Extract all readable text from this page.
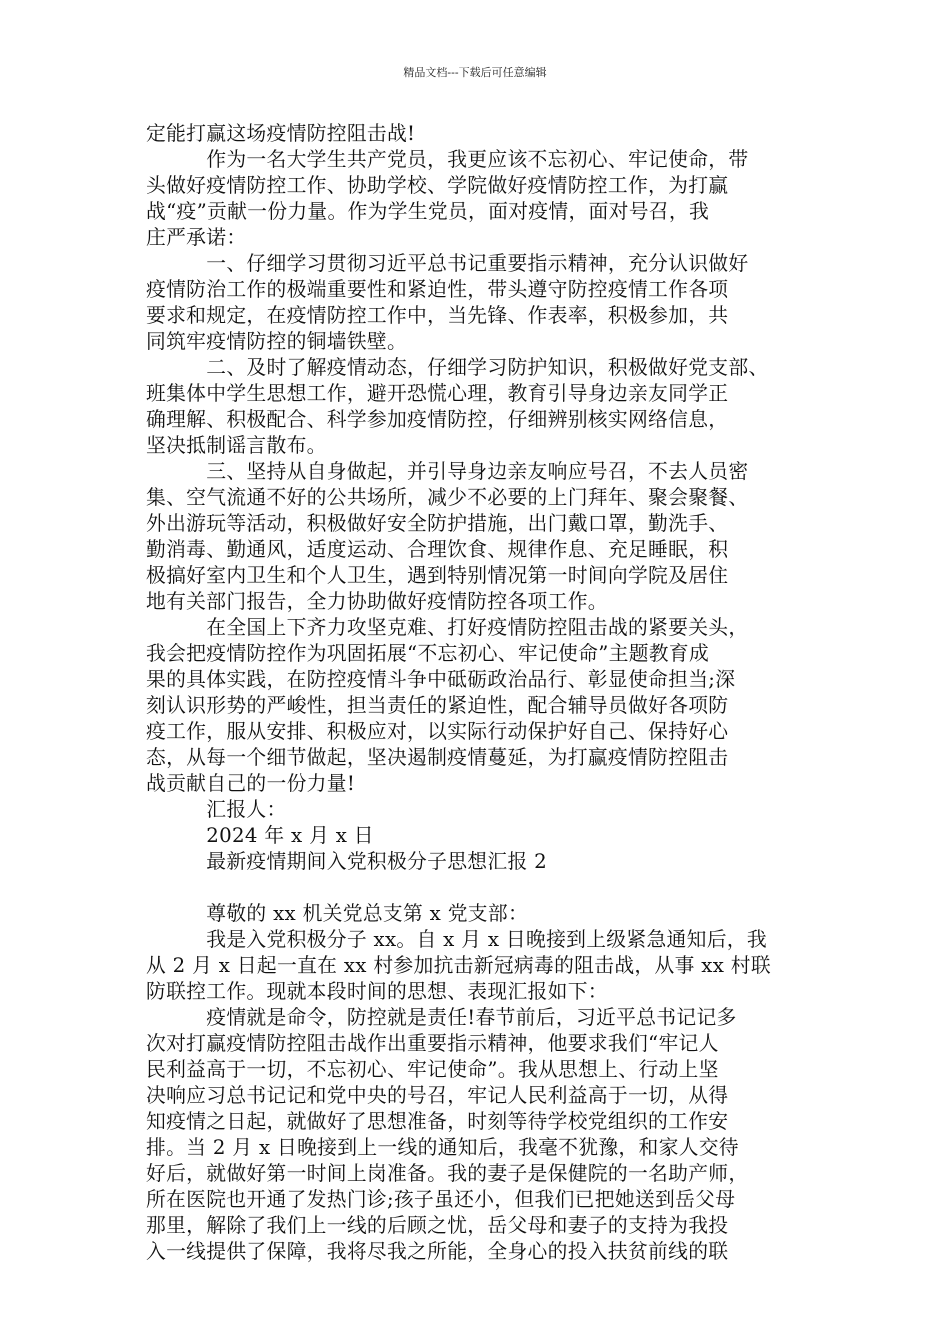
精品文档---下载后可任意编辑
定能打赢这场疫情防控阻击战!
　　　作为一名大学生共产党员，我更应该不忘初心、牢记使命，带
头做好疫情防控工作、协助学校、学院做好疫情防控工作，为打赢
战“疫”贡献一份力量。作为学生党员，面对疫情，面对号召，我
庄严承诺：
　　　一、仔细学习贯彻习近平总书记重要指示精神，充分认识做好
疫情防治工作的极端重要性和紧迫性，带头遵守防控疫情工作各项
要求和规定，在疫情防控工作中，当先锋、作表率，积极参加，共
同筑牢疫情防控的铜墙铁壁。
　　　二、及时了解疫情动态，仔细学习防护知识，积极做好党支部、
班集体中学生思想工作，避开恐慌心理，教育引导身边亲友同学正
确理解、积极配合、科学参加疫情防控，仔细辨别核实网络信息，
坚决抵制谣言散布。
　　　三、坚持从自身做起，并引导身边亲友响应号召，不去人员密
集、空气流通不好的公共场所，减少不必要的上门拜年、聚会聚餐、
外出游玩等活动，积极做好安全防护措施，出门戴口罩，勤洗手、
勤消毒、勤通风，适度运动、合理饮食、规律作息、充足睡眠，积
极搞好室内卫生和个人卫生，遇到特别情况第一时间向学院及居住
地有关部门报告，全力协助做好疫情防控各项工作。
　　　在全国上下齐力攻坚克难、打好疫情防控阻击战的紧要关头，
我会把疫情防控作为巩固拓展“不忘初心、牢记使命”主题教育成
果的具体实践，在防控疫情斗争中砥砺政治品行、彰显使命担当;深
刻认识形势的严峻性，担当责任的紧迫性，配合辅导员做好各项防
疫工作，服从安排、积极应对，以实际行动保护好自己、保持好心
态，从每一个细节做起，坚决遏制疫情蔓延，为打赢疫情防控阻击
战贡献自己的一份力量!
　　　汇报人：
　　　2024 年 x 月 x 日
　　　最新疫情期间入党积极分子思想汇报 2
　　　尊敬的 xx 机关党总支第 x 党支部：
　　　我是入党积极分子 xx。自 x 月 x 日晚接到上级紧急通知后，我
从 2 月 x 日起一直在 xx 村参加抗击新冠病毒的阻击战，从事 xx 村联
防联控工作。现就本段时间的思想、表现汇报如下：
　　　疫情就是命令，防控就是责任!春节前后，习近平总书记记多
次对打赢疫情防控阻击战作出重要指示精神，他要求我们“牢记人
民利益高于一切，不忘初心、牢记使命”。我从思想上、行动上坚
决响应习总书记记和党中央的号召，牢记人民利益高于一切，从得
知疫情之日起，就做好了思想准备，时刻等待学校党组织的工作安
排。当 2 月 x 日晚接到上一线的通知后，我毫不犹豫，和家人交待
好后，就做好第一时间上岗准备。我的妻子是保健院的一名助产师，
所在医院也开通了发热门诊;孩子虽还小，但我们已把她送到岳父母
那里，解除了我们上一线的后顾之忧，岳父母和妻子的支持为我投
入一线提供了保障，我将尽我之所能，全身心的投入扶贫前线的联
